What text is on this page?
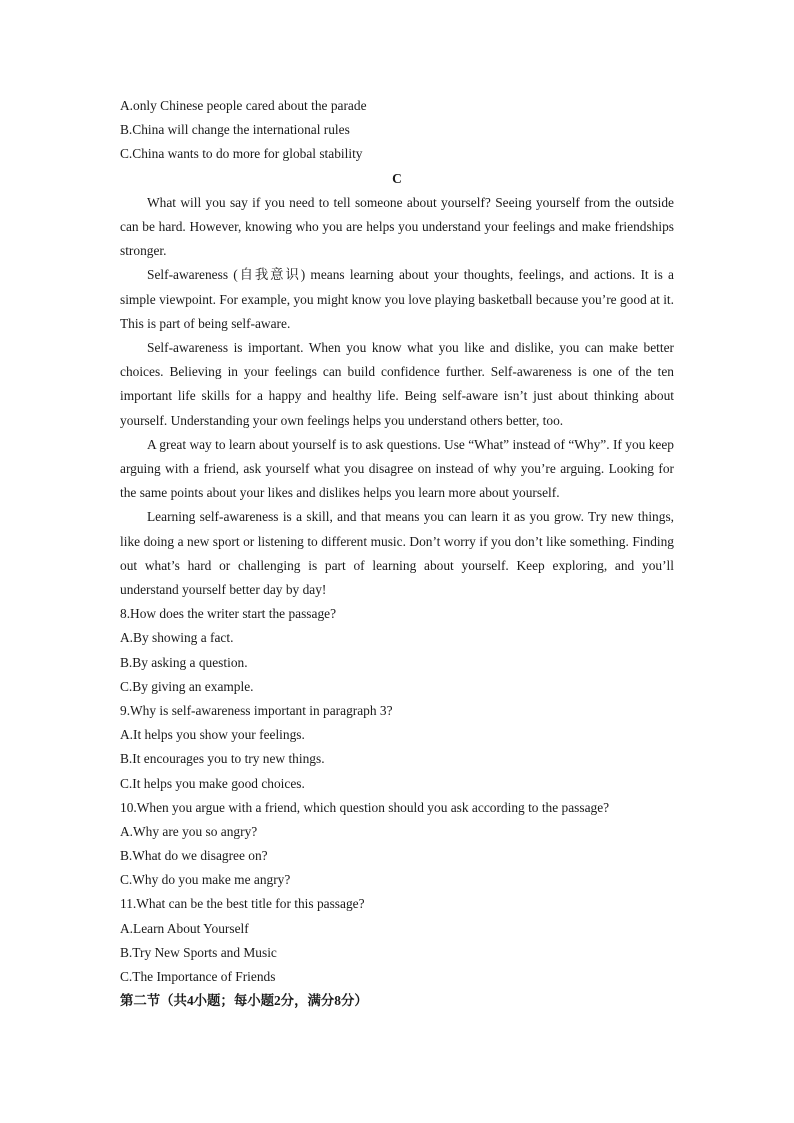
A.only Chinese people cared about the parade
B.China will change the international rules
C.China wants to do more for global stability
C

What will you say if you need to tell someone about yourself? Seeing yourself from the outside can be hard. However, knowing who you are helps you understand your feelings and make friendships stronger.

Self-awareness (自我意识) means learning about your thoughts, feelings, and actions. It is a simple viewpoint. For example, you might know you love playing basketball because you’re good at it. This is part of being self-aware.

Self-awareness is important. When you know what you like and dislike, you can make better choices. Believing in your feelings can build confidence further. Self-awareness is one of the ten important life skills for a happy and healthy life. Being self-aware isn’t just about thinking about yourself. Understanding your own feelings helps you understand others better, too.

A great way to learn about yourself is to ask questions. Use “What” instead of “Why”. If you keep arguing with a friend, ask yourself what you disagree on instead of why you’re arguing. Looking for the same points about your likes and dislikes helps you learn more about yourself.

Learning self-awareness is a skill, and that means you can learn it as you grow. Try new things, like doing a new sport or listening to different music. Don’t worry if you don’t like something. Finding out what’s hard or challenging is part of learning about yourself. Keep exploring, and you’ll understand yourself better day by day!

8.How does the writer start the passage?
A.By showing a fact.
B.By asking a question.
C.By giving an example.
9.Why is self-awareness important in paragraph 3?
A.It helps you show your feelings.
B.It encourages you to try new things.
C.It helps you make good choices.
10.When you argue with a friend, which question should you ask according to the passage?
A.Why are you so angry?
B.What do we disagree on?
C.Why do you make me angry?
11.What can be the best title for this passage?
A.Learn About Yourself
B.Try New Sports and Music
C.The Importance of Friends
第二节（共4小题；每小题2分，满分8分）
